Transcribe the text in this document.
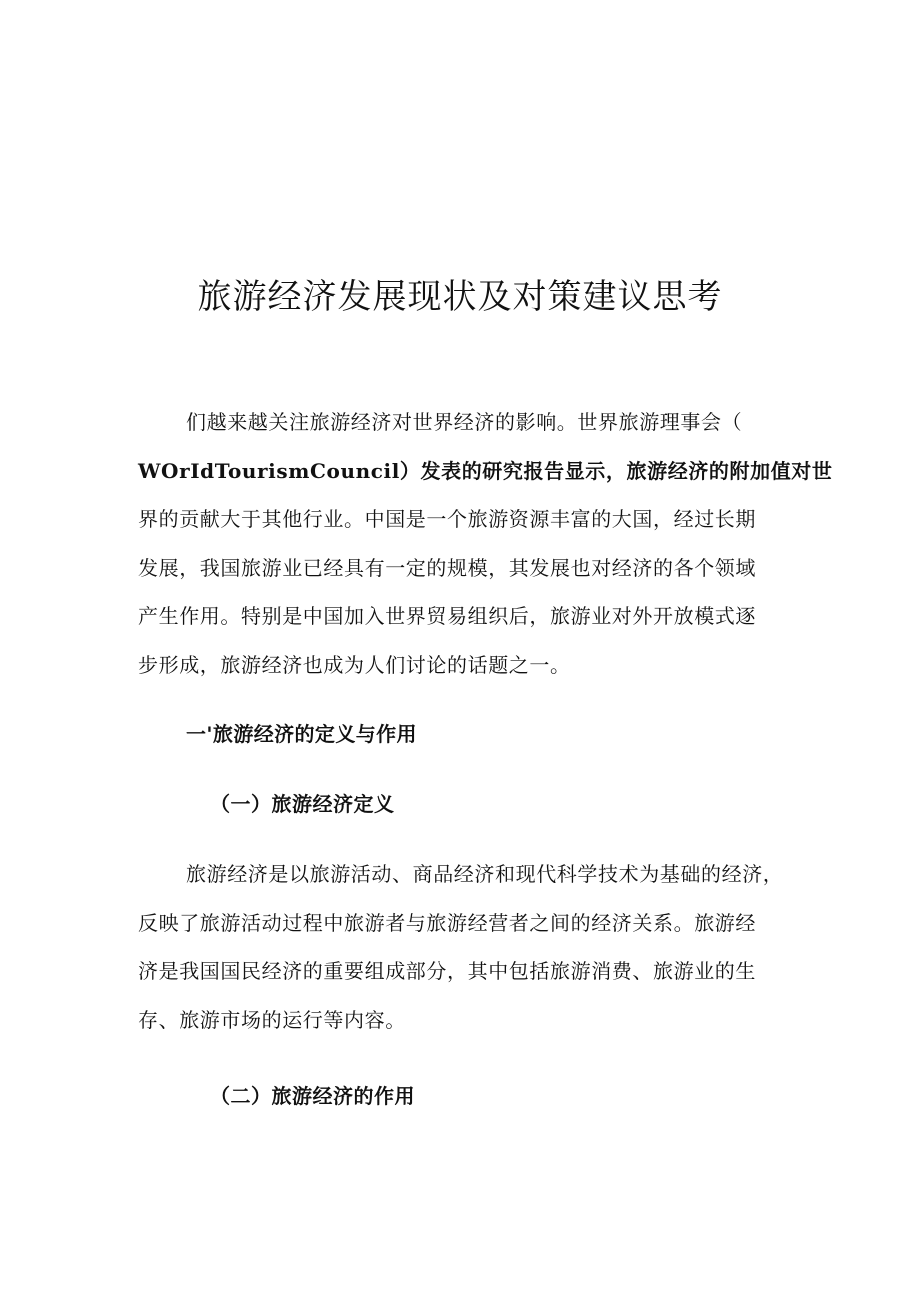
旅游经济发展现状及对策建议思考

们越来越关注旅游经济对世界经济的影响。世界旅游理事会（
WOrIdTourismCouncil）发表的研究报告显示，旅游经济的附加值对世
界的贡献大于其他行业。中国是一个旅游资源丰富的大国，经过长期
发展，我国旅游业已经具有一定的规模，其发展也对经济的各个领域
产生作用。特别是中国加入世界贸易组织后，旅游业对外开放模式逐
步形成，旅游经济也成为人们讨论的话题之一。

一'旅游经济的定义与作用
（一）旅游经济定义

旅游经济是以旅游活动、商品经济和现代科学技术为基础的经济，
反映了旅游活动过程中旅游者与旅游经营者之间的经济关系。旅游经
济是我国国民经济的重要组成部分，其中包括旅游消费、旅游业的生
存、旅游市场的运行等内容。

（二）旅游经济的作用
